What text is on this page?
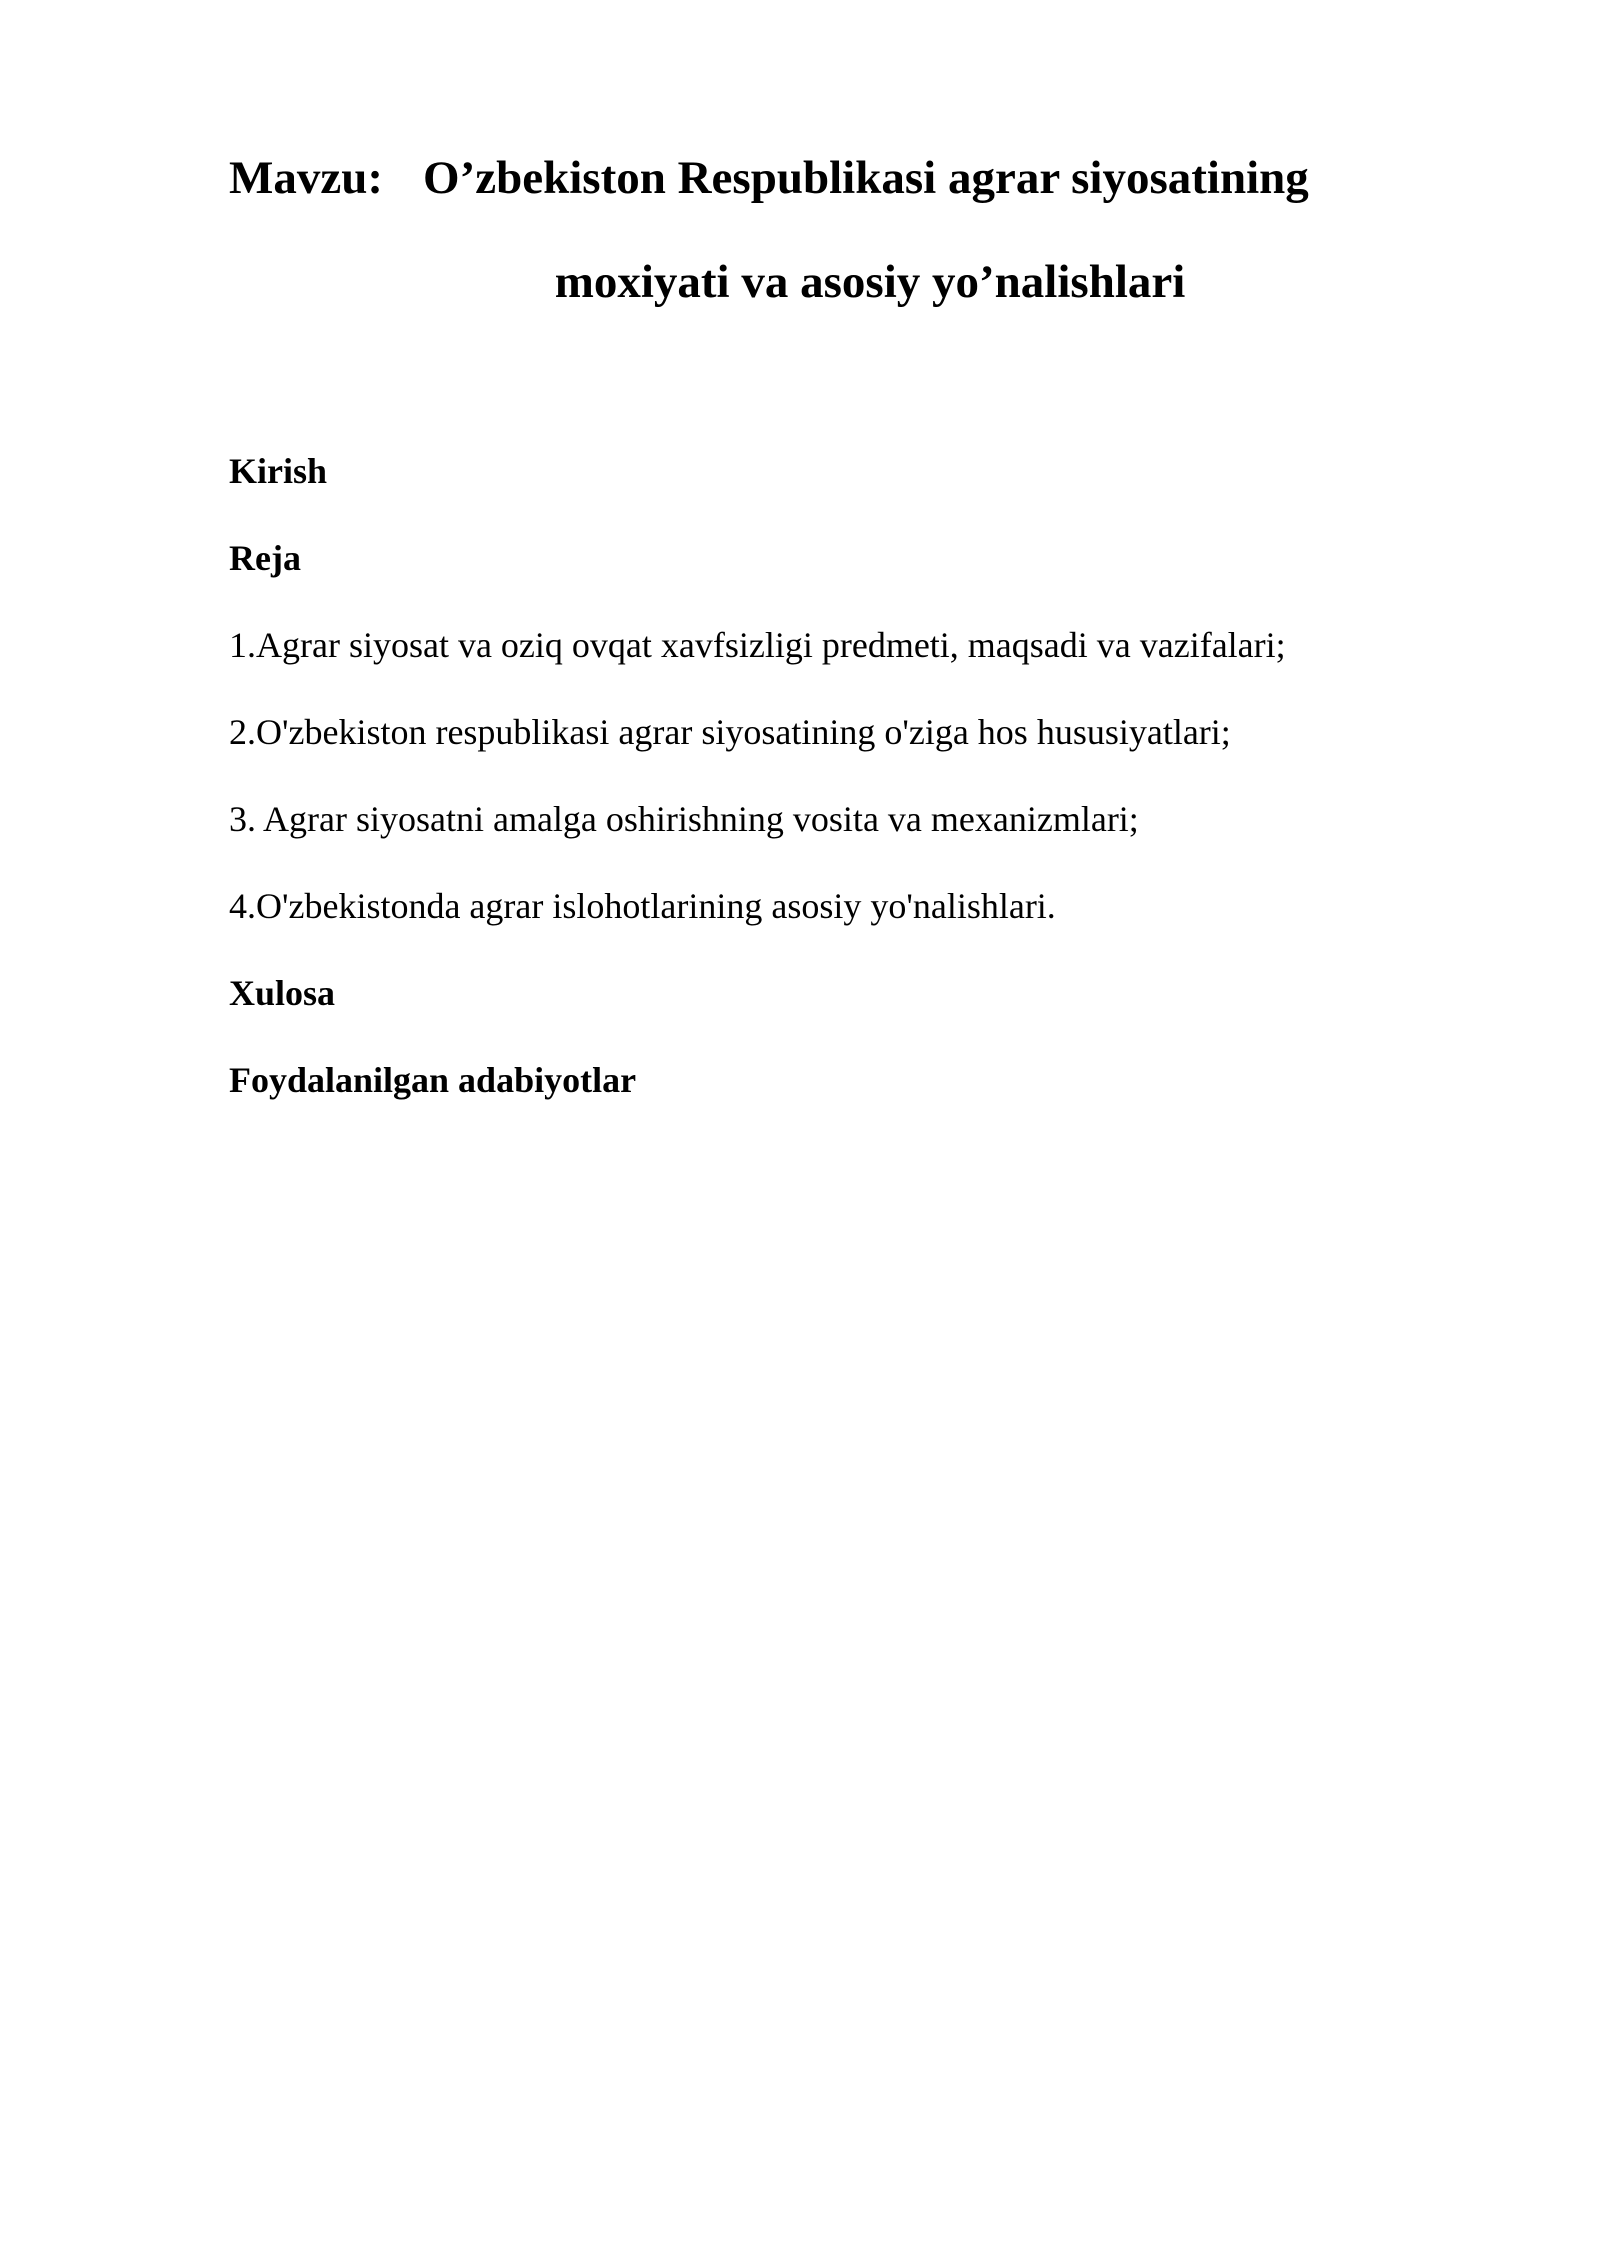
Mavzu: O’zbekiston Respublikasi agrar siyosatining
moxiyati va asosiy yo’nalishlari
Kirish
Reja
1.Agrar siyosat va oziq ovqat xavfsizligi predmeti, maqsadi va vazifalari;
2.O'zbekiston respublikasi agrar siyosatining o'ziga hos hususiyatlari;
3. Agrar siyosatni amalga oshirishning vosita va mexanizmlari;
4.O'zbekistonda agrar islohotlarining asosiy yo'nalishlari.
Xulosa
Foydalanilgan adabiyotlar
